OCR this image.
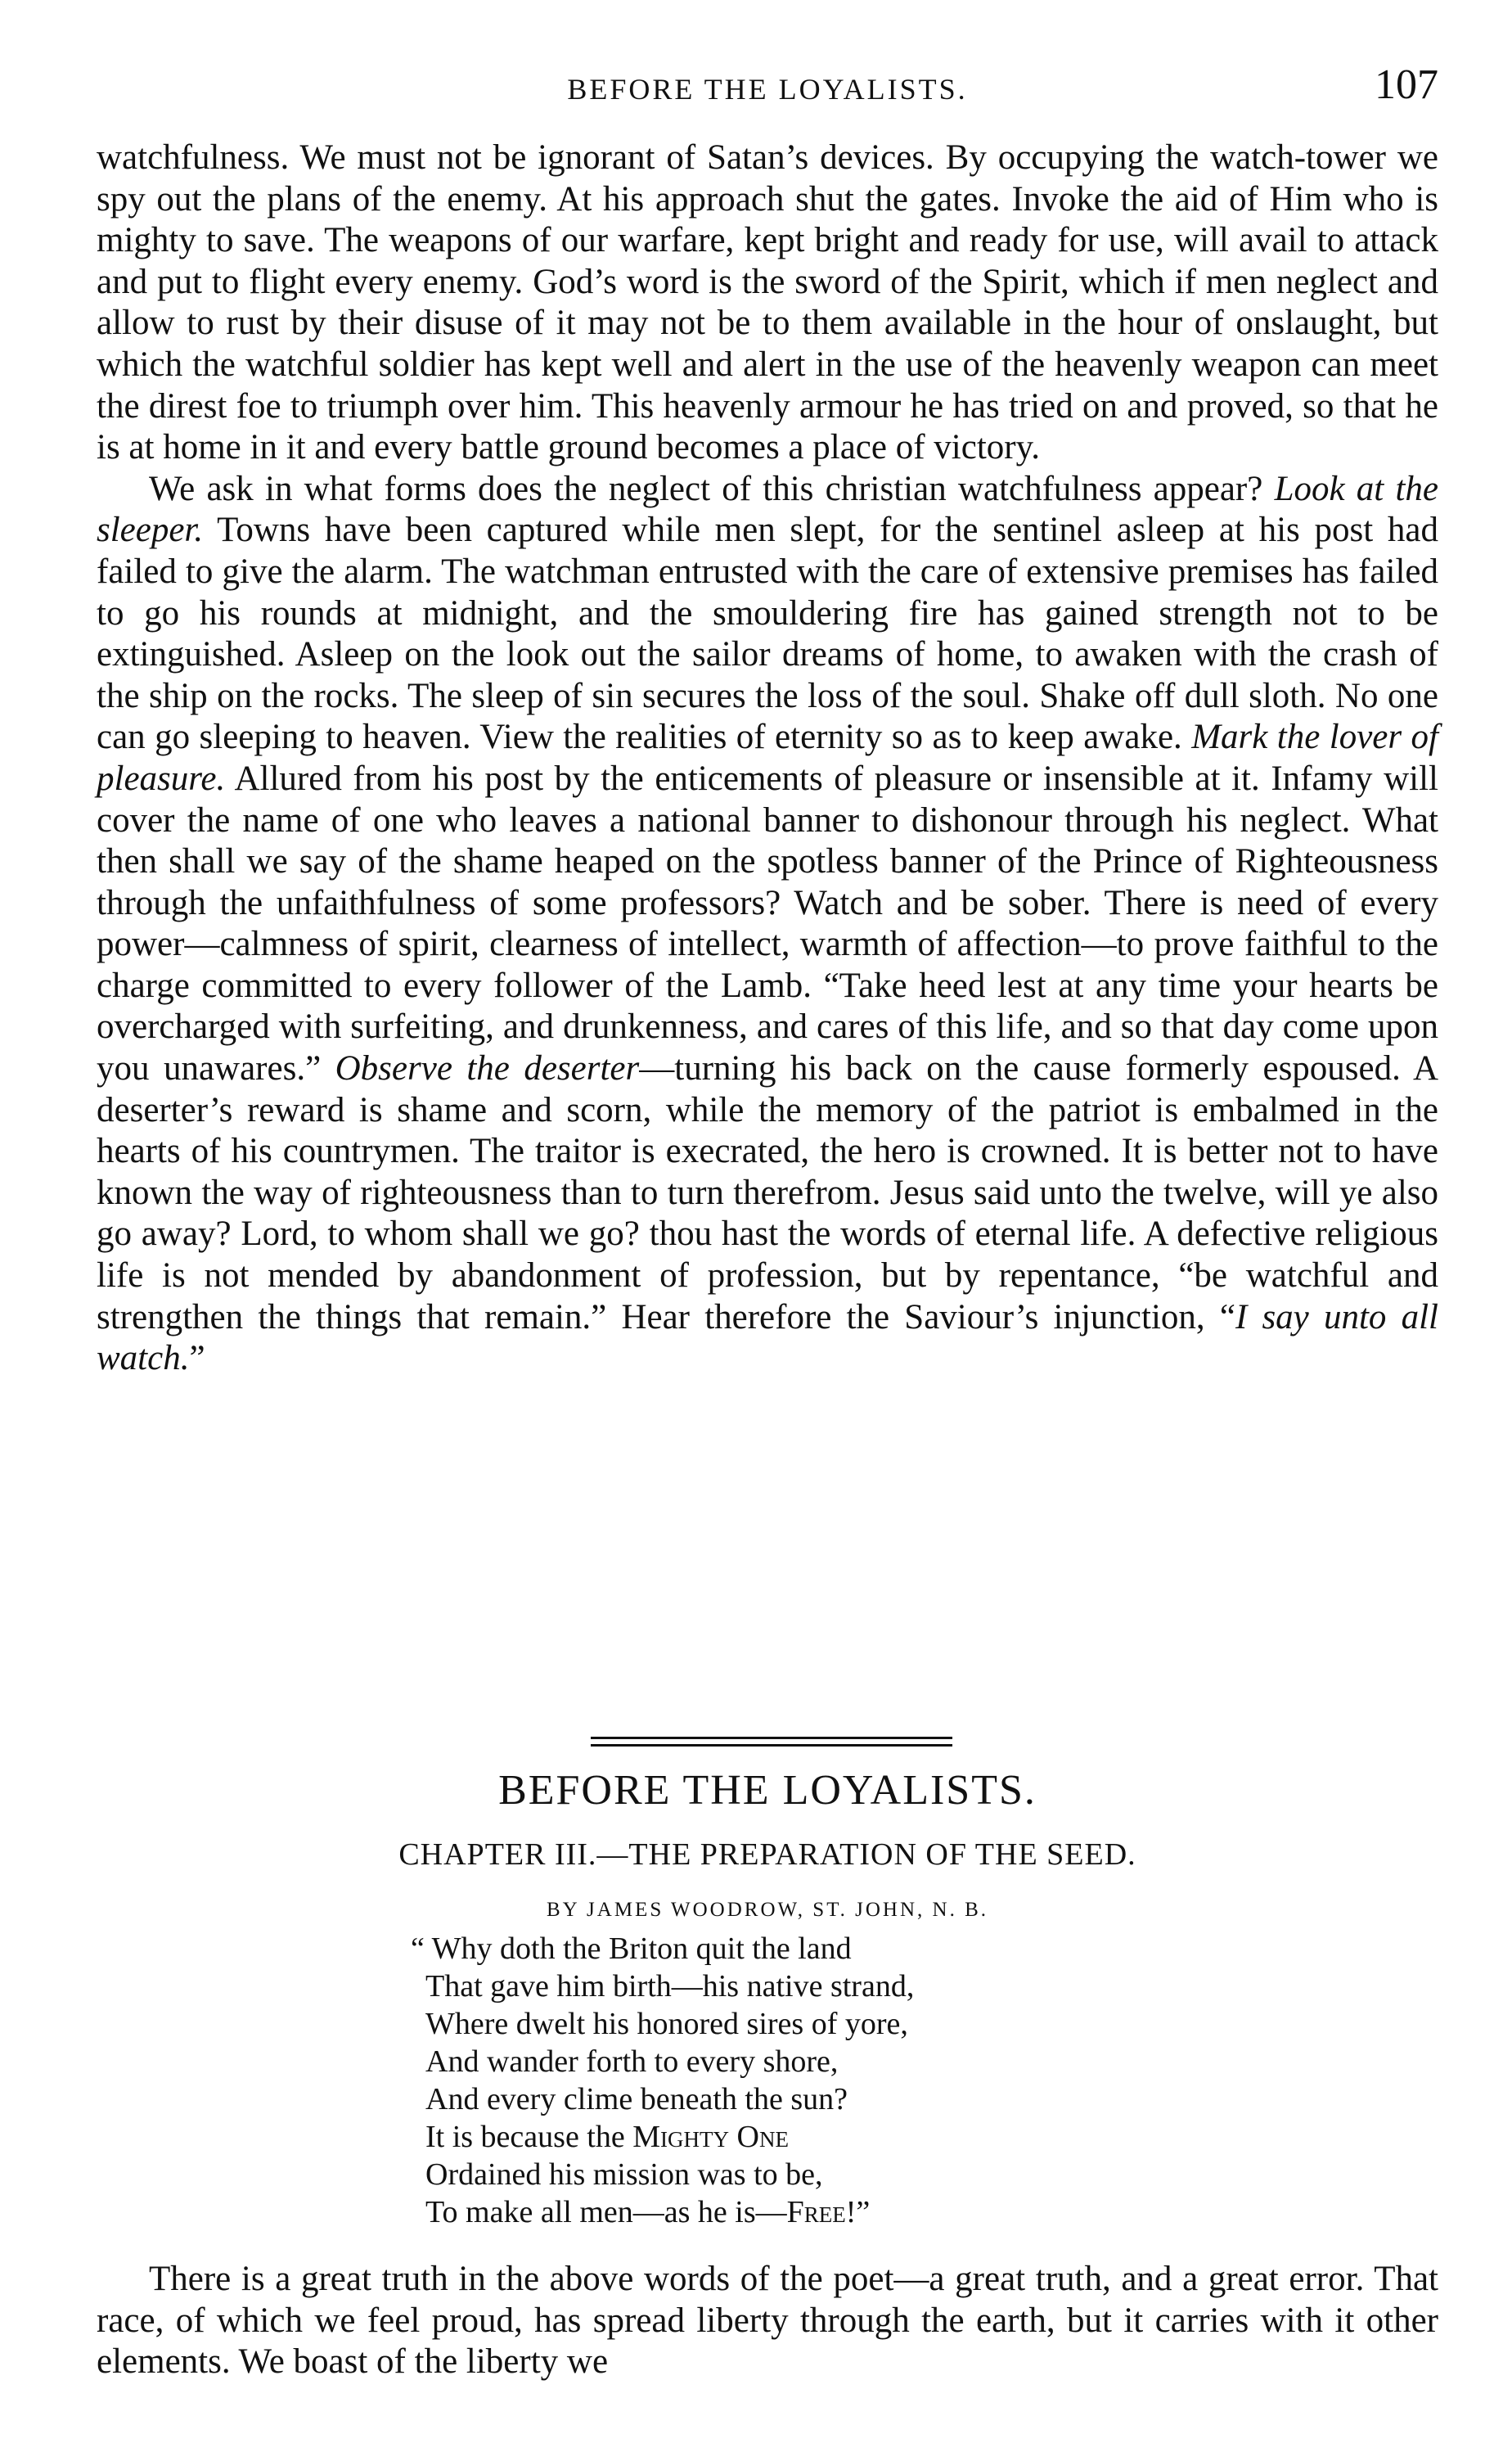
BEFORE THE LOYALISTS.	107

watchfulness. We must not be ignorant of Satan’s devices. By occupying the watch-tower we spy out the plans of the enemy. At his approach shut the gates. Invoke the aid of Him who is mighty to save. The weapons of our warfare, kept bright and ready for use, will avail to attack and put to flight every enemy. God’s word is the sword of the Spirit, which if men neglect and allow to rust by their disuse of it may not be to them available in the hour of onslaught, but which the watchful soldier has kept well and alert in the use of the heavenly weapon can meet the direst foe to triumph over him. This heavenly armour he has tried on and proved, so that he is at home in it and every battle ground becomes a place of victory.

We ask in what forms does the neglect of this christian watchfulness appear? Look at the sleeper. Towns have been captured while men slept, for the sentinel asleep at his post had failed to give the alarm. The watchman entrusted with the care of extensive premises has failed to go his rounds at midnight, and the smouldering fire has gained strength not to be extinguished. Asleep on the look out the sailor dreams of home, to awaken with the crash of the ship on the rocks. The sleep of sin secures the loss of the soul. Shake off dull sloth. No one can go sleeping to heaven. View the realities of eternity so as to keep awake. Mark the lover of pleasure. Allured from his post by the enticements of pleasure or insensible at it. Infamy will cover the name of one who leaves a national banner to dishonour through his neglect. What then shall we say of the shame heaped on the spotless banner of the Prince of Righteousness through the unfaithfulness of some professors? Watch and be sober. There is need of every power—calmness of spirit, clearness of intellect, warmth of affection—to prove faithful to the charge committed to every follower of the Lamb. “Take heed lest at any time your hearts be overcharged with surfeiting, and drunkenness, and cares of this life, and so that day come upon you unawares.” Observe the deserter—turning his back on the cause formerly espoused. A deserter’s reward is shame and scorn, while the memory of the patriot is embalmed in the hearts of his countrymen. The traitor is execrated, the hero is crowned. It is better not to have known the way of righteousness than to turn therefrom. Jesus said unto the twelve, will ye also go away? Lord, to whom shall we go? thou hast the words of eternal life. A defective religious life is not mended by abandonment of profession, but by repentance, “be watchful and strengthen the things that remain.” Hear therefore the Saviour’s injunction, “I say unto all watch.”

BEFORE THE LOYALISTS.
CHAPTER III.—THE PREPARATION OF THE SEED.
BY JAMES WOODROW, ST. JOHN, N. B.
“ Why doth the Briton quit the land
That gave him birth—his native strand,
Where dwelt his honored sires of yore,
And wander forth to every shore,
And every clime beneath the sun?
It is because the Mighty One
Ordained his mission was to be,
To make all men—as he is—Free!”

There is a great truth in the above words of the poet—a great truth, and a great error. That race, of which we feel proud, has spread liberty through the earth, but it carries with it other elements. We boast of the liberty we
